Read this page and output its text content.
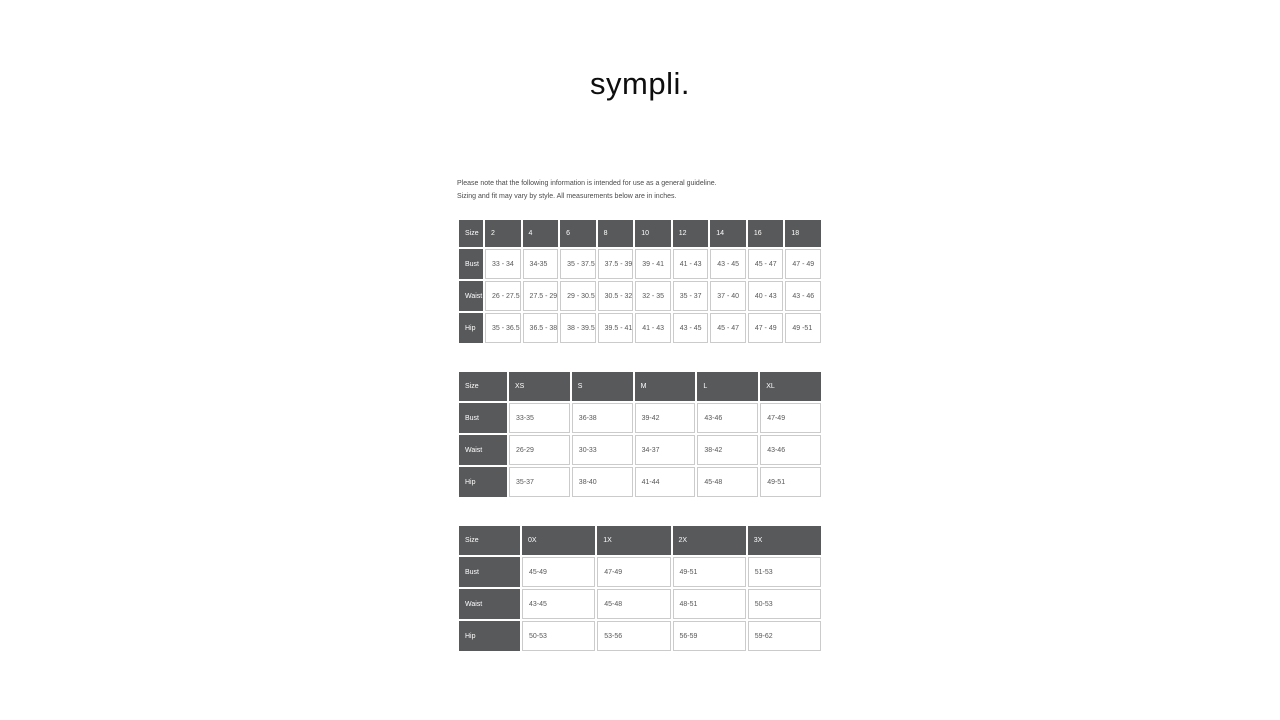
sympli.
Please note that the following information is intended for use as a general guideline.
Sizing and fit may vary by style. All measurements below are in inches.
Size	2	4	6	8	10	12	14	16	18
Bust	33 - 34	34-35	35 - 37.5	37.5 - 39	39 - 41	41 - 43	43 - 45	45 - 47	47 - 49
Waist	26 - 27.5	27.5 - 29	29 - 30.5	30.5 - 32	32 - 35	35 - 37	37 - 40	40 - 43	43 - 46
Hip	35 - 36.5	36.5 - 38	38 - 39.5	39.5 - 41	41 - 43	43 - 45	45 - 47	47 - 49	49 -51
Size	XS	S	M	L	XL
Bust	33-35	36-38	39-42	43-46	47-49
Waist	26-29	30-33	34-37	38-42	43-46
Hip	35-37	38-40	41-44	45-48	49-51
Size	0X	1X	2X	3X
Bust	45-49	47-49	49-51	51-53
Waist	43-45	45-48	48-51	50-53
Hip	50-53	53-56	56-59	59-62
